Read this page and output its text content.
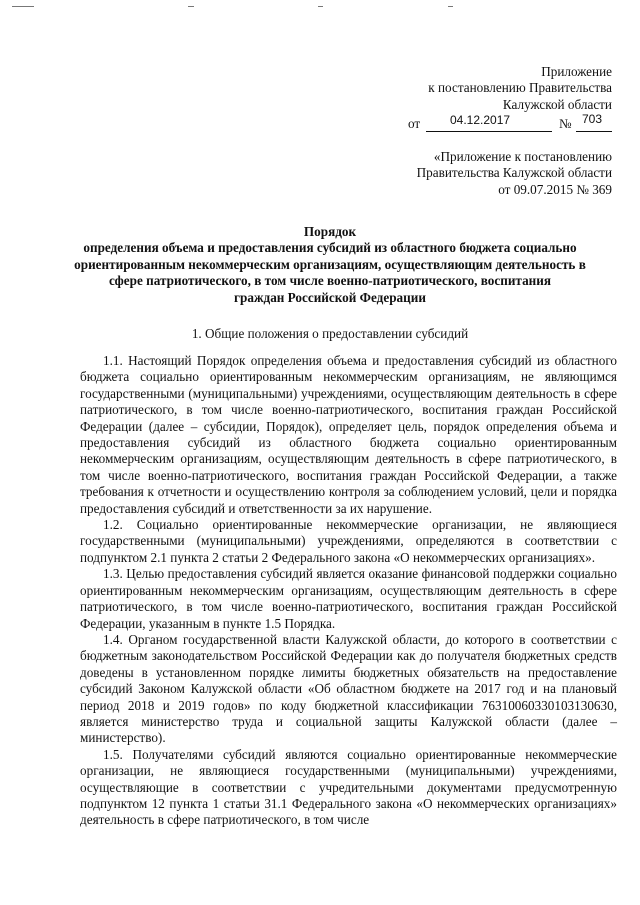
Приложение
к постановлению Правительства
Калужской области
от 04.12.2017	№ 703
«Приложение к постановлению
Правительства Калужской области
от 09.07.2015 № 369
Порядок
определения объема и предоставления субсидий из областного бюджета социально
ориентированным некоммерческим организациям, осуществляющим деятельность в
сфере патриотического, в том числе военно-патриотического, воспитания
граждан Российской Федерации
1. Общие положения о предоставлении субсидий

1.1. Настоящий Порядок определения объема и предоставления субсидий из областного бюджета социально ориентированным некоммерческим организациям, не являющимся государственными (муниципальными) учреждениями, осуществляющим деятельность в сфере патриотического, в том числе военно-патриотического, воспитания граждан Российской Федерации (далее – субсидии, Порядок), определяет цель, порядок определения объема и предоставления субсидий из областного бюджета социально ориентированным некоммерческим организациям, осуществляющим деятельность в сфере патриотического, в том числе военно-патриотического, воспитания граждан Российской Федерации, а также требования к отчетности и осуществлению контроля за соблюдением условий, цели и порядка предоставления субсидий и ответственности за их нарушение.

1.2. Социально ориентированные некоммерческие организации, не являющиеся государственными (муниципальными) учреждениями, определяются в соответствии с подпунктом 2.1 пункта 2 статьи 2 Федерального закона «О некоммерческих организациях».

1.3. Целью предоставления субсидий является оказание финансовой поддержки социально ориентированным некоммерческим организациям, осуществляющим деятельность в сфере патриотического, в том числе военно-патриотического, воспитания граждан Российской Федерации, указанным в пункте 1.5 Порядка.

1.4. Органом государственной власти Калужской области, до которого в соответствии с бюджетным законодательством Российской Федерации как до получателя бюджетных средств доведены в установленном порядке лимиты бюджетных обязательств на предоставление субсидий Законом Калужской области «Об областном бюджете на 2017 год и на плановый период 2018 и 2019 годов» по коду бюджетной классификации 76310060330103130630, является министерство труда и социальной защиты Калужской области (далее – министерство).

1.5. Получателями субсидий являются социально ориентированные некоммерческие организации, не являющиеся государственными (муниципальными) учреждениями, осуществляющие в соответствии с учредительными документами предусмотренную подпунктом 12 пункта 1 статьи 31.1 Федерального закона «О некоммерческих организациях» деятельность в сфере патриотического, в том числе
